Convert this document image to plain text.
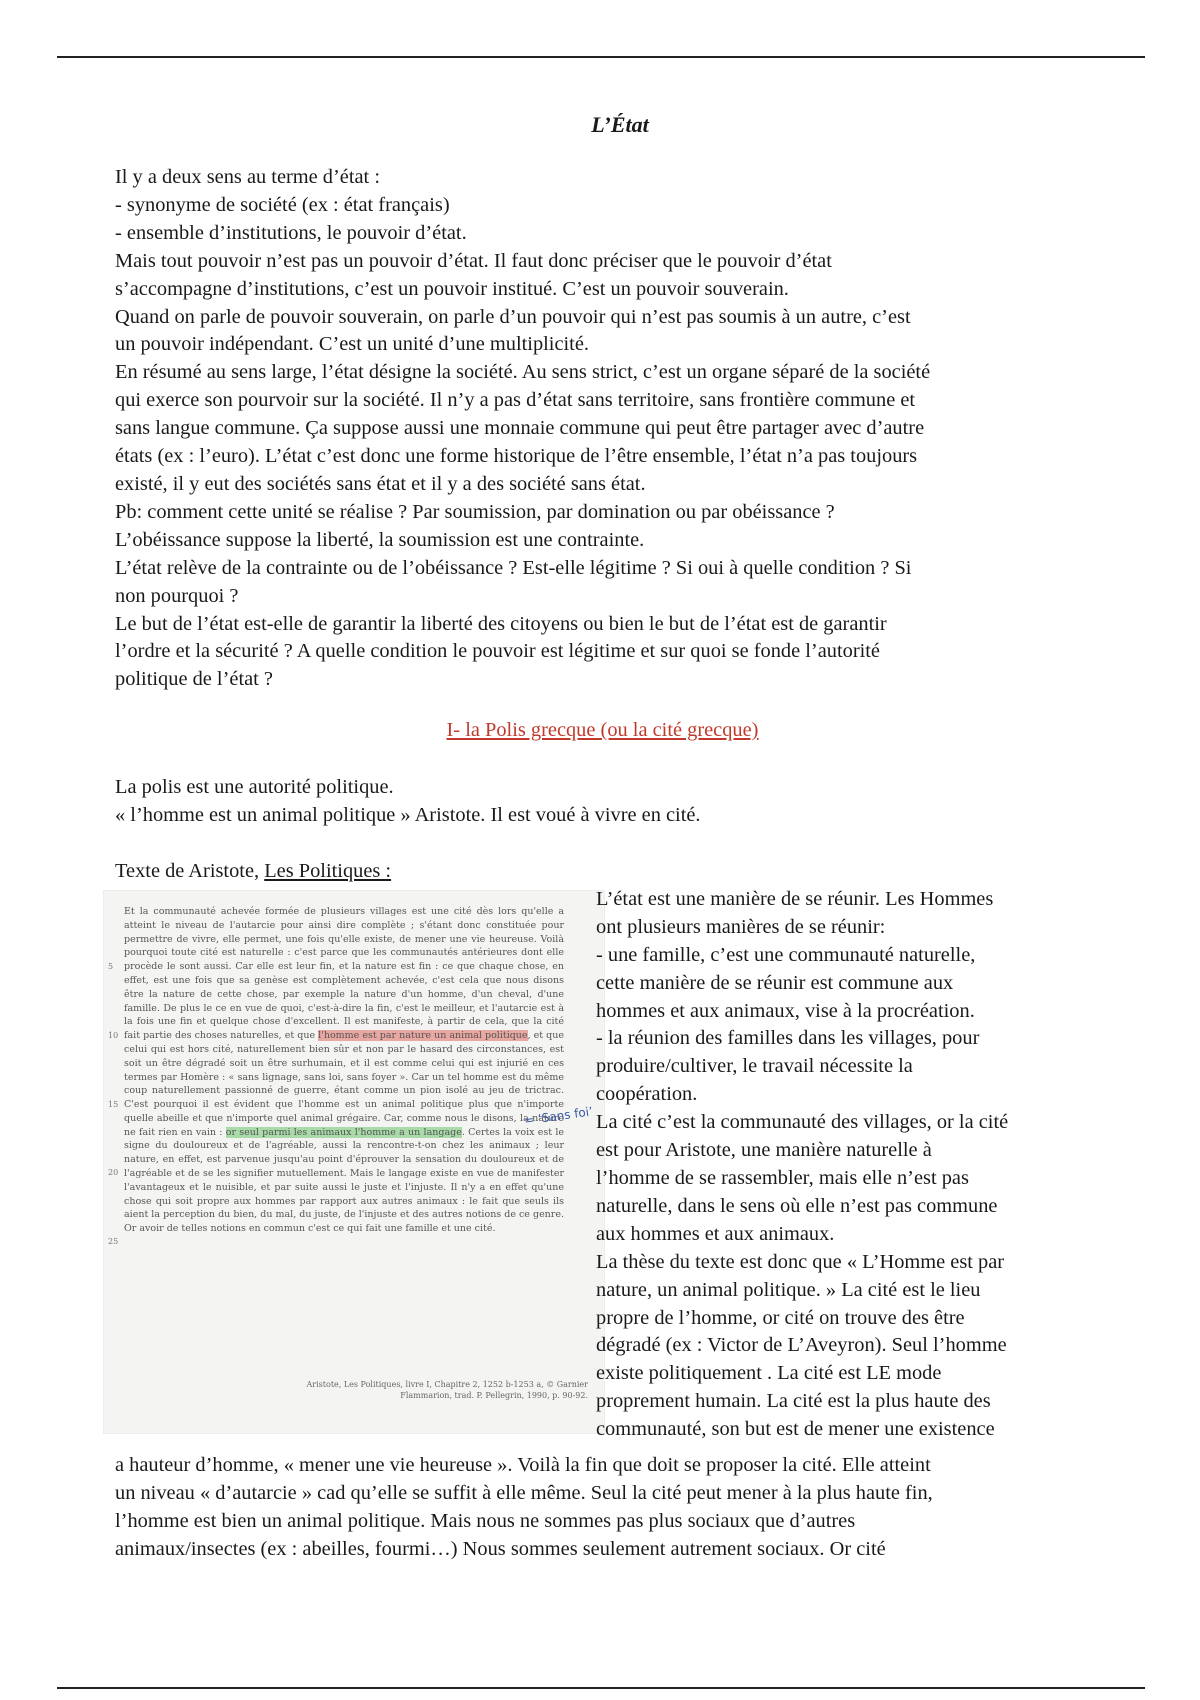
L’État

Il y a deux sens au terme d’état :

- synonyme de société (ex : état français)

- ensemble d’institutions, le pouvoir d’état.

Mais tout pouvoir n’est pas un pouvoir d’état. Il faut donc préciser que le pouvoir d’état

s’accompagne d’institutions, c’est un pouvoir institué. C’est un pouvoir souverain.

Quand on parle de pouvoir souverain, on parle d’un pouvoir qui n’est pas soumis à un autre, c’est

un pouvoir indépendant. C’est un unité d’une multiplicité.

En résumé au sens large, l’état désigne la société. Au sens strict, c’est un organe séparé de la société

qui exerce son pourvoir sur la société. Il n’y a pas d’état sans territoire, sans frontière commune et

sans langue commune. Ça suppose aussi une monnaie commune qui peut être partager avec d’autre

états (ex : l’euro). L’état c’est donc une forme historique de l’être ensemble, l’état n’a pas toujours

existé, il y eut des sociétés sans état et il y a des société sans état.

Pb: comment cette unité se réalise ? Par soumission, par domination ou par obéissance ?

L’obéissance suppose la liberté, la soumission est une contrainte.

L’état relève de la contrainte ou de l’obéissance ? Est-elle légitime ? Si oui à quelle condition ? Si

non pourquoi ?

Le but de l’état est-elle de garantir la liberté des citoyens ou bien le but de l’état est de garantir

l’ordre et la sécurité ? A quelle condition le pouvoir est légitime et sur quoi se fonde l’autorité

politique de l’état ?

I- la Polis grecque (ou la cité grecque)

La polis est une autorité politique.

« l’homme est un animal politique » Aristote. Il est voué à vivre en cité.

Texte de Aristote, Les Politiques :

5
10
15
20
25
Et la communauté achevée formée de plusieurs villages est une cité dès lors qu'elle a atteint le niveau de l'autarcie pour ainsi dire complète ; s'étant donc constituée pour permettre de vivre, elle permet, une fois qu'elle existe, de mener une vie heureuse. Voilà pourquoi toute cité est naturelle : c'est parce que les communautés antérieures dont elle procède le sont aussi. Car elle est leur fin, et la nature est fin : ce que chaque chose, en effet, est une fois que sa genèse est complètement achevée, c'est cela que nous disons être la nature de cette chose, par exemple la nature d'un homme, d'un cheval, d'une famille. De plus le ce en vue de quoi, c'est-à-dire la fin, c'est le meilleur, et l'autarcie est à la fois une fin et quelque chose d'excellent. Il est manifeste, à partir de cela, que la cité fait partie des choses naturelles, et que l'homme est par nature un animal politique, et que celui qui est hors cité, naturellement bien sûr et non par le hasard des circonstances, est soit un être dégradé soit un être surhumain, et il est comme celui qui est injurié en ces termes par Homère : « sans lignage, sans loi, sans foyer ». Car un tel homme est du même coup naturellement passionné de guerre, étant comme un pion isolé au jeu de trictrac. C'est pourquoi il est évident que l'homme est un animal politique plus que n'importe quelle abeille et que n'importe quel animal grégaire. Car, comme nous le disons, la nature ne fait rien en vain : or seul parmi les animaux l'homme a un langage. Certes la voix est le signe du douloureux et de l'agréable, aussi la rencontre-t-on chez les animaux ; leur nature, en effet, est parvenue jusqu'au point d'éprouver la sensation du douloureux et de l'agréable et de se les signifier mutuellement. Mais le langage existe en vue de manifester l'avantageux et le nuisible, et par suite aussi le juste et l'injuste. Il n'y a en effet qu'une chose qui soit propre aux hommes par rapport aux autres animaux : le fait que seuls ils aient la perception du bien, du mal, du juste, de l'injuste et des autres notions de ce genre. Or avoir de telles notions en commun c'est ce qui fait une famille et une cité.
= ‘Sans foi’
Aristote, Les Politiques, livre I, Chapitre 2, 1252 b-1253 a, © Garnier Flammarion, trad. P. Pellegrin, 1990, p. 90-92.

L’état est une manière de se réunir. Les Hommes

ont plusieurs manières de se réunir:

- une famille, c’est une communauté naturelle,

cette manière de se réunir est commune aux

hommes et aux animaux, vise à la procréation.

- la réunion des familles dans les villages, pour

produire/cultiver, le travail nécessite la

coopération.

La cité c’est la communauté des villages, or la cité

est pour Aristote, une manière naturelle à

l’homme de se rassembler, mais elle n’est pas

naturelle, dans le sens où elle n’est pas commune

aux hommes et aux animaux.

La thèse du texte est donc que « L’Homme est par

nature, un animal politique. » La cité est le lieu

propre de l’homme, or cité on trouve des être

dégradé (ex : Victor de L’Aveyron). Seul l’homme

existe politiquement . La cité est LE mode

proprement humain. La cité est la plus haute des

communauté, son but est de mener une existence

a hauteur d’homme, « mener une vie heureuse ». Voilà la fin que doit se proposer la cité. Elle atteint

un niveau « d’autarcie » cad qu’elle se suffit à elle même. Seul la cité peut mener à la plus haute fin,

l’homme est bien un animal politique. Mais nous ne sommes pas plus sociaux que d’autres

animaux/insectes (ex : abeilles, fourmi…) Nous sommes seulement autrement sociaux. Or cité
